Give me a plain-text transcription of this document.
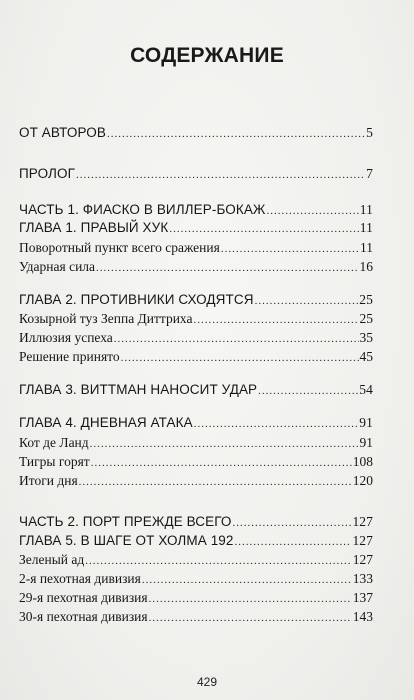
СОДЕРЖАНИЕ
ОТ АВТОРОВ .....	5
ПРОЛОГ .....	7
ЧАСТЬ 1. ФИАСКО В ВИЛЛЕР-БОКАЖ .....	11
ГЛАВА 1. ПРАВЫЙ ХУК .....	11
Поворотный пункт всего сражения .....	11
Ударная сила .....	16
ГЛАВА 2. ПРОТИВНИКИ СХОДЯТСЯ .....	25
Козырной туз Зеппа Диттриха .....	25
Иллюзия успеха .....	35
Решение принято .....	45
ГЛАВА 3. ВИТТМАН НАНОСИТ УДАР .....	54
ГЛАВА 4. ДНЕВНАЯ АТАКА .....	91
Кот де Ланд .....	91
Тигры горят .....	108
Итоги дня .....	120
ЧАСТЬ 2. ПОРТ ПРЕЖДЕ ВСЕГО .....	127
ГЛАВА 5. В ШАГЕ ОТ ХОЛМА 192 .....	127
Зеленый ад .....	127
2-я пехотная дивизия .....	133
29-я пехотная дивизия .....	137
30-я пехотная дивизия .....	143
429
